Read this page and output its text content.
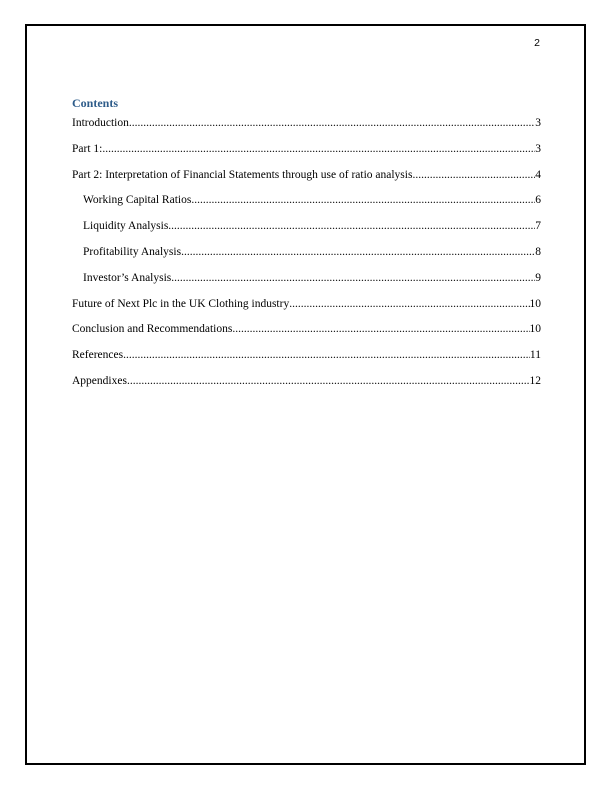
2
Contents
Introduction .....	3
Part 1: .....	3
Part 2: Interpretation of Financial Statements through use of ratio analysis .....	4
Working Capital Ratios .....	6
Liquidity Analysis .....	7
Profitability Analysis .....	8
Investor’s Analysis .....	9
Future of Next Plc in the UK Clothing industry .....	10
Conclusion and Recommendations .....	10
References .....	11
Appendixes .....	12
